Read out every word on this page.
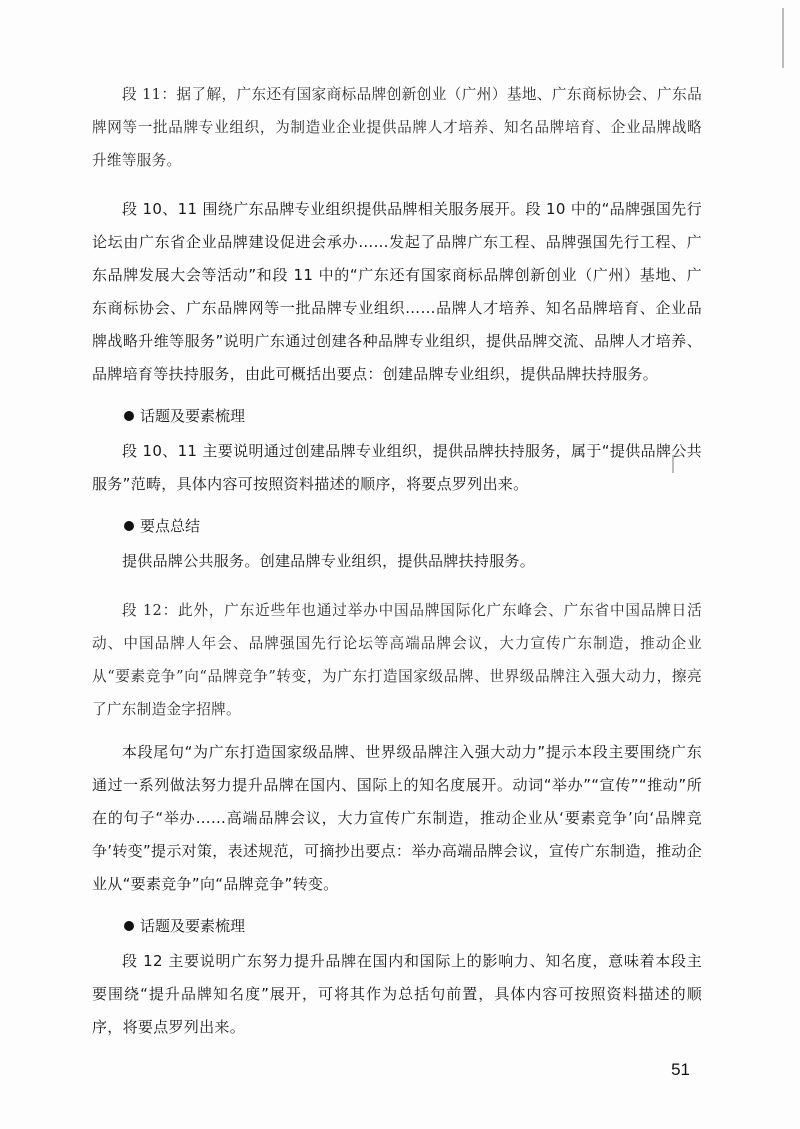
段 11：据了解，广东还有国家商标品牌创新创业（广州）基地、广东商标协会、广东品牌网等一批品牌专业组织，为制造业企业提供品牌人才培养、知名品牌培育、企业品牌战略升维等服务。

段 10、11 围绕广东品牌专业组织提供品牌相关服务展开。段 10 中的“品牌强国先行论坛由广东省企业品牌建设促进会承办……发起了品牌广东工程、品牌强国先行工程、广东品牌发展大会等活动”和段 11 中的“广东还有国家商标品牌创新创业（广州）基地、广东商标协会、广东品牌网等一批品牌专业组织……品牌人才培养、知名品牌培育、企业品牌战略升维等服务”说明广东通过创建各种品牌专业组织，提供品牌交流、品牌人才培养、品牌培育等扶持服务，由此可概括出要点：创建品牌专业组织，提供品牌扶持服务。

话题及要素梳理

段 10、11 主要说明通过创建品牌专业组织，提供品牌扶持服务，属于“提供品牌公共服务”范畴，具体内容可按照资料描述的顺序，将要点罗列出来。

要点总结

提供品牌公共服务。创建品牌专业组织，提供品牌扶持服务。

段 12：此外，广东近些年也通过举办中国品牌国际化广东峰会、广东省中国品牌日活动、中国品牌人年会、品牌强国先行论坛等高端品牌会议，大力宣传广东制造，推动企业从“要素竞争”向“品牌竞争”转变，为广东打造国家级品牌、世界级品牌注入强大动力，擦亮了广东制造金字招牌。

本段尾句“为广东打造国家级品牌、世界级品牌注入强大动力”提示本段主要围绕广东通过一系列做法努力提升品牌在国内、国际上的知名度展开。动词“举办”“宣传”“推动”所在的句子“举办……高端品牌会议，大力宣传广东制造，推动企业从‘要素竞争’向‘品牌竞争’转变”提示对策，表述规范，可摘抄出要点：举办高端品牌会议，宣传广东制造，推动企业从“要素竞争”向“品牌竞争”转变。

话题及要素梳理

段 12 主要说明广东努力提升品牌在国内和国际上的影响力、知名度，意味着本段主要围绕“提升品牌知名度”展开，可将其作为总括句前置，具体内容可按照资料描述的顺序，将要点罗列出来。

51
